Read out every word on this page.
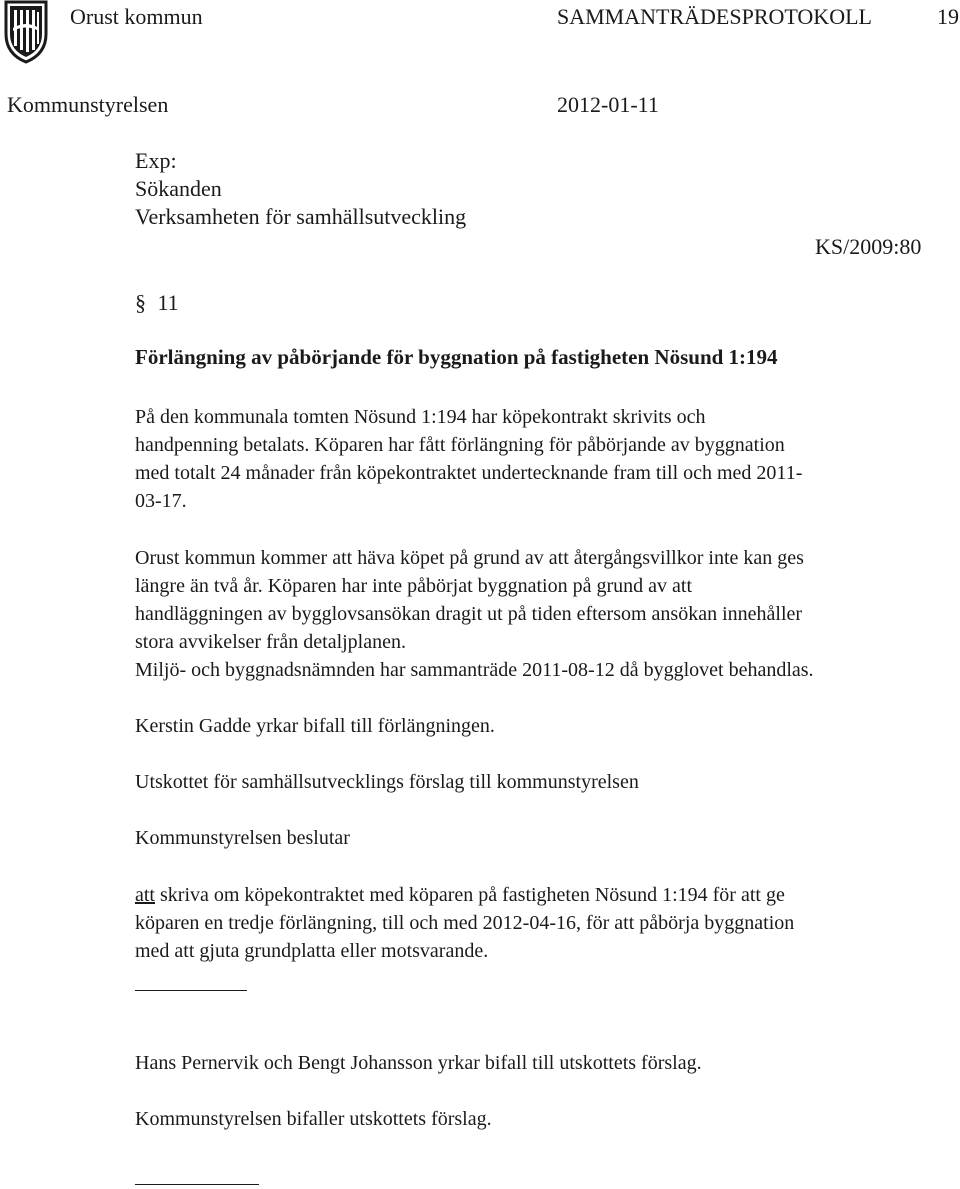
Orust kommun	SAMMANTRÄDESPROTOKOLL	19
Kommunstyrelsen	2012-01-11
Exp:
Sökanden
Verksamheten för samhällsutveckling
KS/2009:80
§ 11
Förlängning av påbörjande för byggnation på fastigheten Nösund 1:194
På den kommunala tomten Nösund 1:194 har köpekontrakt skrivits och
handpenning betalats. Köparen har fått förlängning för påbörjande av byggnation
med totalt 24 månader från köpekontraktet undertecknande fram till och med 2011-
03-17.
Orust kommun kommer att häva köpet på grund av att återgångsvillkor inte kan ges
längre än två år. Köparen har inte påbörjat byggnation på grund av att
handläggningen av bygglovsansökan dragit ut på tiden eftersom ansökan innehåller
stora avvikelser från detaljplanen.
Miljö- och byggnadsnämnden har sammanträde 2011-08-12 då bygglovet behandlas.
Kerstin Gadde yrkar bifall till förlängningen.
Utskottet för samhällsutvecklings förslag till kommunstyrelsen
Kommunstyrelsen beslutar
att skriva om köpekontraktet med köparen på fastigheten Nösund 1:194 för att ge
köparen en tredje förlängning, till och med 2012-04-16, för att påbörja byggnation
med att gjuta grundplatta eller motsvarande.
Hans Pernervik och Bengt Johansson yrkar bifall till utskottets förslag.
Kommunstyrelsen bifaller utskottets förslag.
